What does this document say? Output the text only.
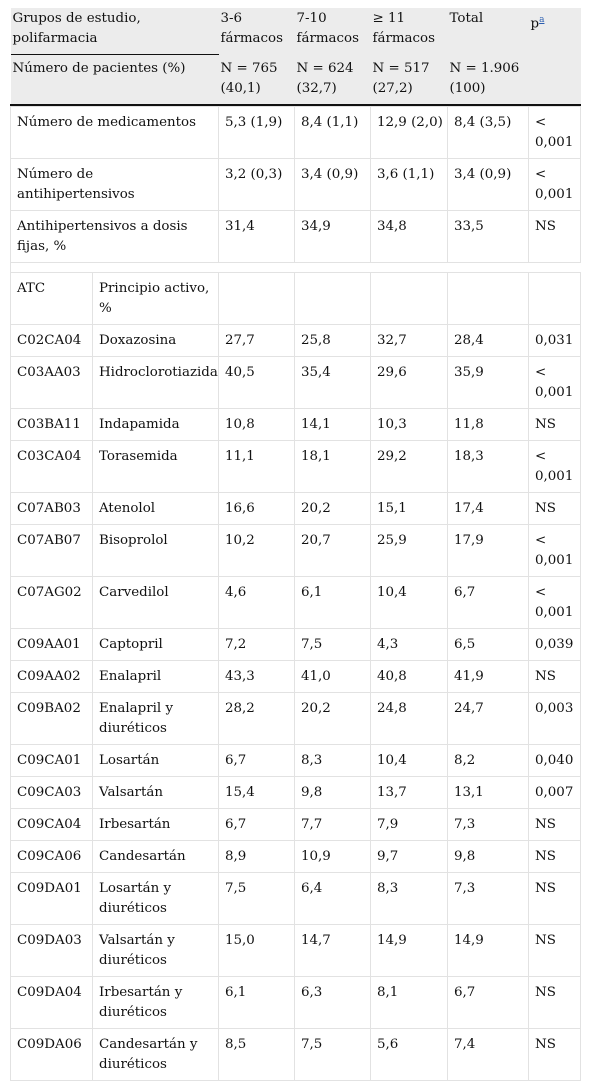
Grupos de estudio, polifarmacia		3-6 fármacos	7-10 fármacos	≥ 11 fármacos	Total	$p^a$
Número de pacientes (%)		N = 765 (40,1)	N = 624 (32,7)	N = 517 (27,2)	N = 1.906 (100)	

Número de medicamentos		5,3 (1,9)	8,4 (1,1)	12,9 (2,0)	8,4 (3,5)	< 0,001
Número de antihipertensivos		3,2 (0,3)	3,4 (0,9)	3,6 (1,1)	3,4 (0,9)	< 0,001
Antihipertensivos a dosis fijas, %		31,4	34,9	34,8	33,5	NS

ATC	Principio activo, %					
C02CA04	Doxazosina	27,7	25,8	32,7	28,4	0,031
C03AA03	Hidroclorotiazida	40,5	35,4	29,6	35,9	< 0,001
C03BA11	Indapamida	10,8	14,1	10,3	11,8	NS
C03CA04	Torasemida	11,1	18,1	29,2	18,3	< 0,001
C07AB03	Atenolol	16,6	20,2	15,1	17,4	NS
C07AB07	Bisoprolol	10,2	20,7	25,9	17,9	< 0,001
C07AG02	Carvedilol	4,6	6,1	10,4	6,7	< 0,001
C09AA01	Captopril	7,2	7,5	4,3	6,5	0,039
C09AA02	Enalapril	43,3	41,0	40,8	41,9	NS
C09BA02	Enalapril y diuréticos	28,2	20,2	24,8	24,7	0,003
C09CA01	Losartán	6,7	8,3	10,4	8,2	0,040
C09CA03	Valsartán	15,4	9,8	13,7	13,1	0,007
C09CA04	Irbesartán	6,7	7,7	7,9	7,3	NS
C09CA06	Candesartán	8,9	10,9	9,7	9,8	NS
C09DA01	Losartán y diuréticos	7,5	6,4	8,3	7,3	NS
C09DA03	Valsartán y diuréticos	15,0	14,7	14,9	14,9	NS
C09DA04	Irbesartán y diuréticos	6,1	6,3	8,1	6,7	NS
C09DA06	Candesartán y diuréticos	8,5	7,5	5,6	7,4	NS
